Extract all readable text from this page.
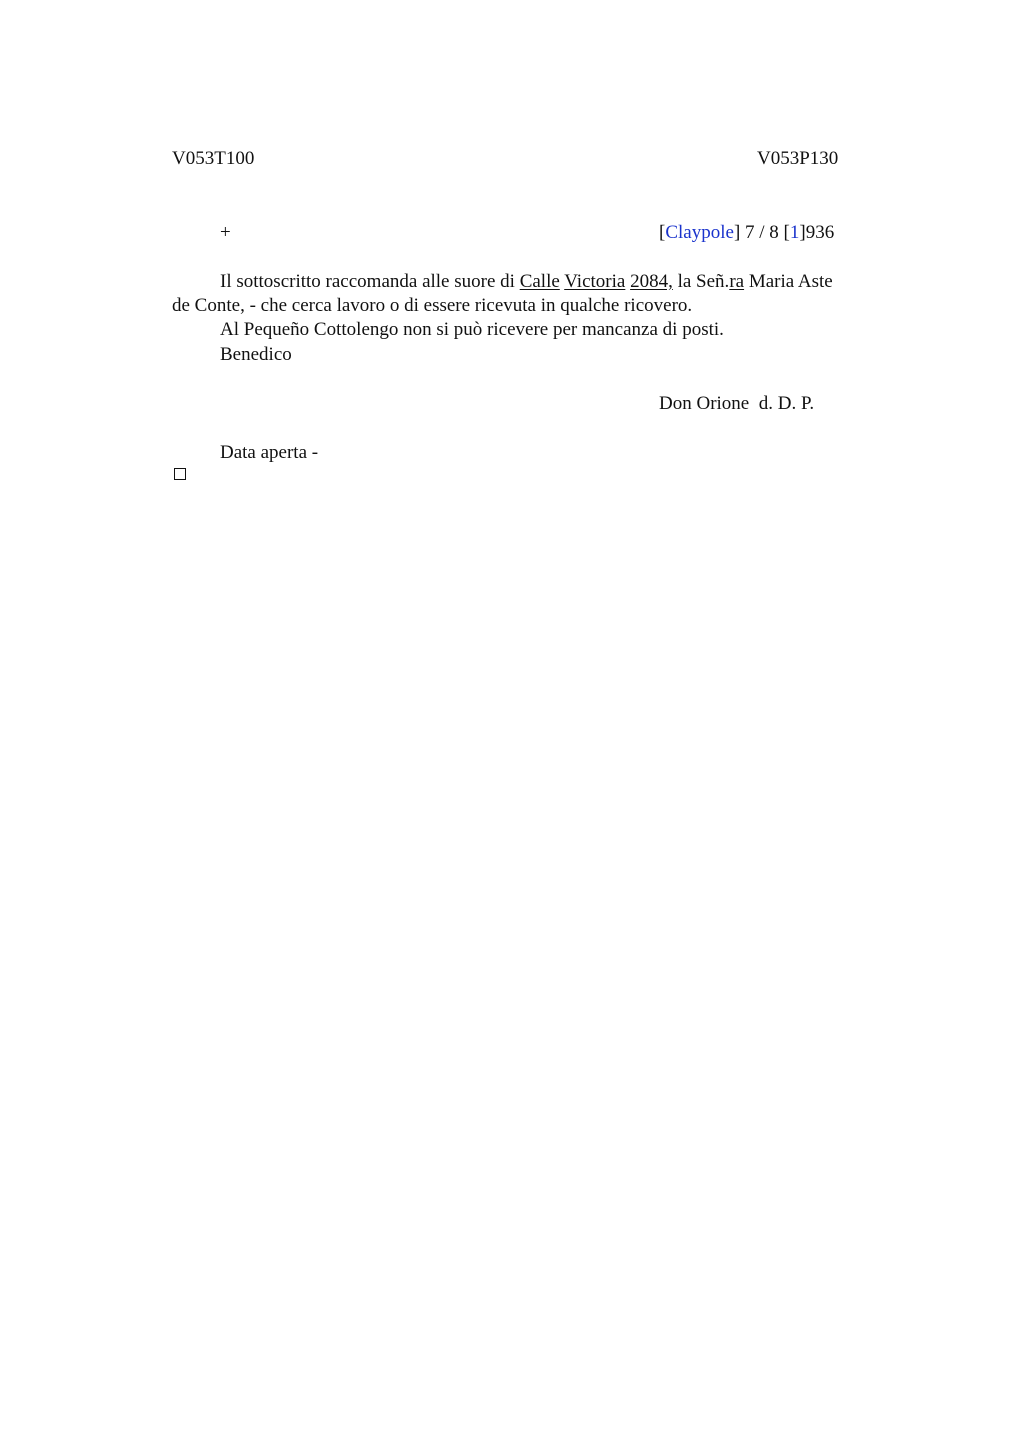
V053T100	V053P130
+	[Claypole] 7 / 8 [1]936
Il sottoscritto raccomanda alle suore di Calle Victoria 2084, la Señ.ra Maria Aste
de Conte, - che cerca lavoro o di essere ricevuta in qualche ricovero.
Al Pequeño Cottolengo non si può ricevere per mancanza di posti.
Benedico
Don Orione  d. D. P.
Data aperta -
